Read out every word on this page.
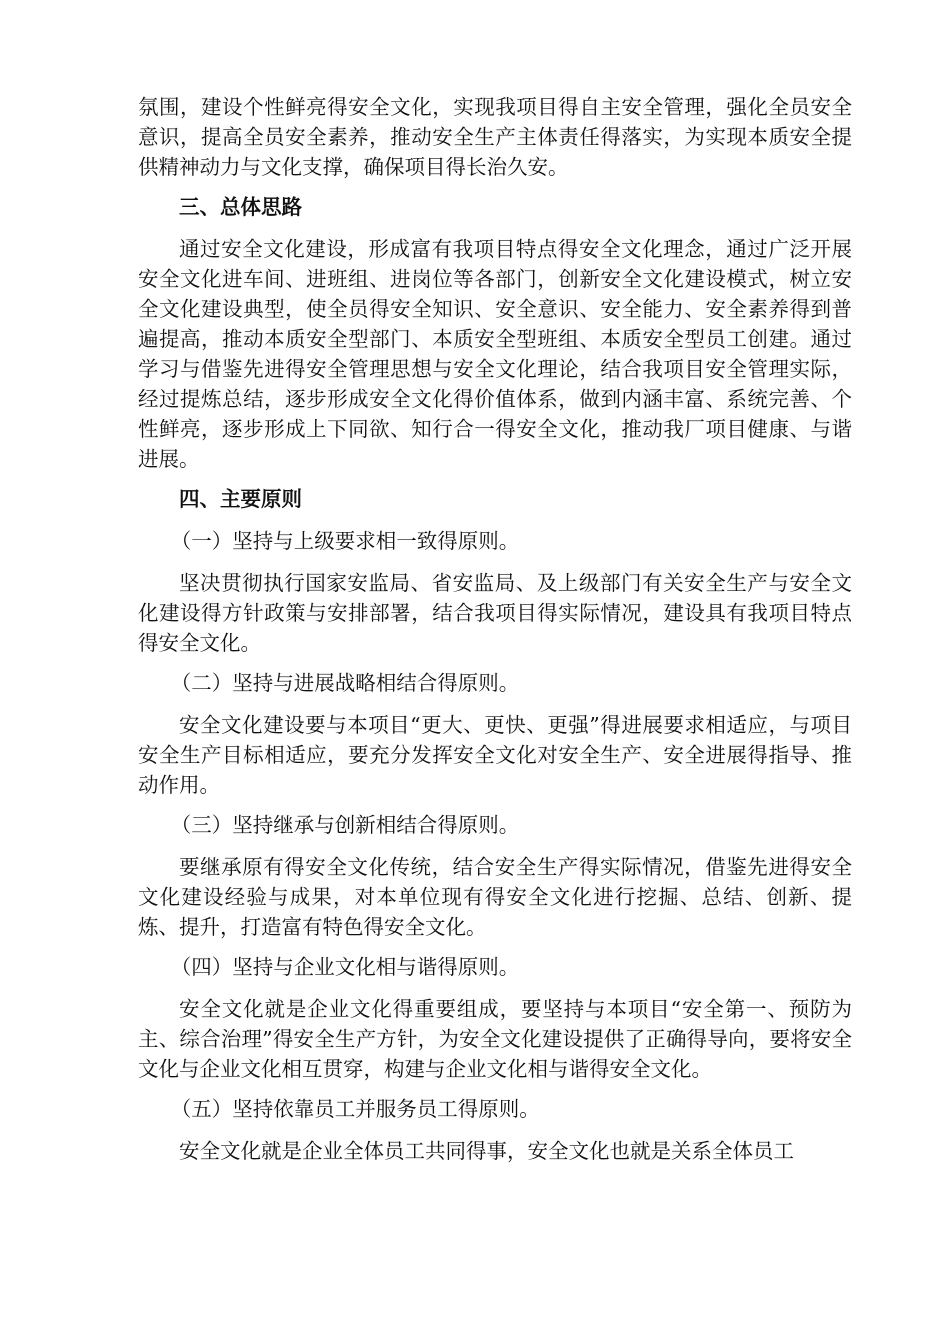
氛围，建设个性鲜亮得安全文化，实现我项目得自主安全管理，强化全员安全意识，提高全员安全素养，推动安全生产主体责任得落实，为实现本质安全提供精神动力与文化支撑，确保项目得长治久安。

三、总体思路

通过安全文化建设，形成富有我项目特点得安全文化理念，通过广泛开展安全文化进车间、进班组、进岗位等各部门，创新安全文化建设模式，树立安全文化建设典型，使全员得安全知识、安全意识、安全能力、安全素养得到普遍提高，推动本质安全型部门、本质安全型班组、本质安全型员工创建。通过学习与借鉴先进得安全管理思想与安全文化理论，结合我项目安全管理实际，经过提炼总结，逐步形成安全文化得价值体系，做到内涵丰富、系统完善、个性鲜亮，逐步形成上下同欲、知行合一得安全文化，推动我厂项目健康、与谐进展。

四、主要原则

（一）坚持与上级要求相一致得原则。

坚决贯彻执行国家安监局、省安监局、及上级部门有关安全生产与安全文化建设得方针政策与安排部署，结合我项目得实际情况，建设具有我项目特点得安全文化。

（二）坚持与进展战略相结合得原则。

安全文化建设要与本项目“更大、更快、更强”得进展要求相适应，与项目安全生产目标相适应，要充分发挥安全文化对安全生产、安全进展得指导、推动作用。

（三）坚持继承与创新相结合得原则。

要继承原有得安全文化传统，结合安全生产得实际情况，借鉴先进得安全文化建设经验与成果，对本单位现有得安全文化进行挖掘、总结、创新、提炼、提升，打造富有特色得安全文化。

（四）坚持与企业文化相与谐得原则。

安全文化就是企业文化得重要组成，要坚持与本项目“安全第一、预防为主、综合治理”得安全生产方针，为安全文化建设提供了正确得导向，要将安全文化与企业文化相互贯穿，构建与企业文化相与谐得安全文化。

（五）坚持依靠员工并服务员工得原则。

安全文化就是企业全体员工共同得事，安全文化也就是关系全体员工
